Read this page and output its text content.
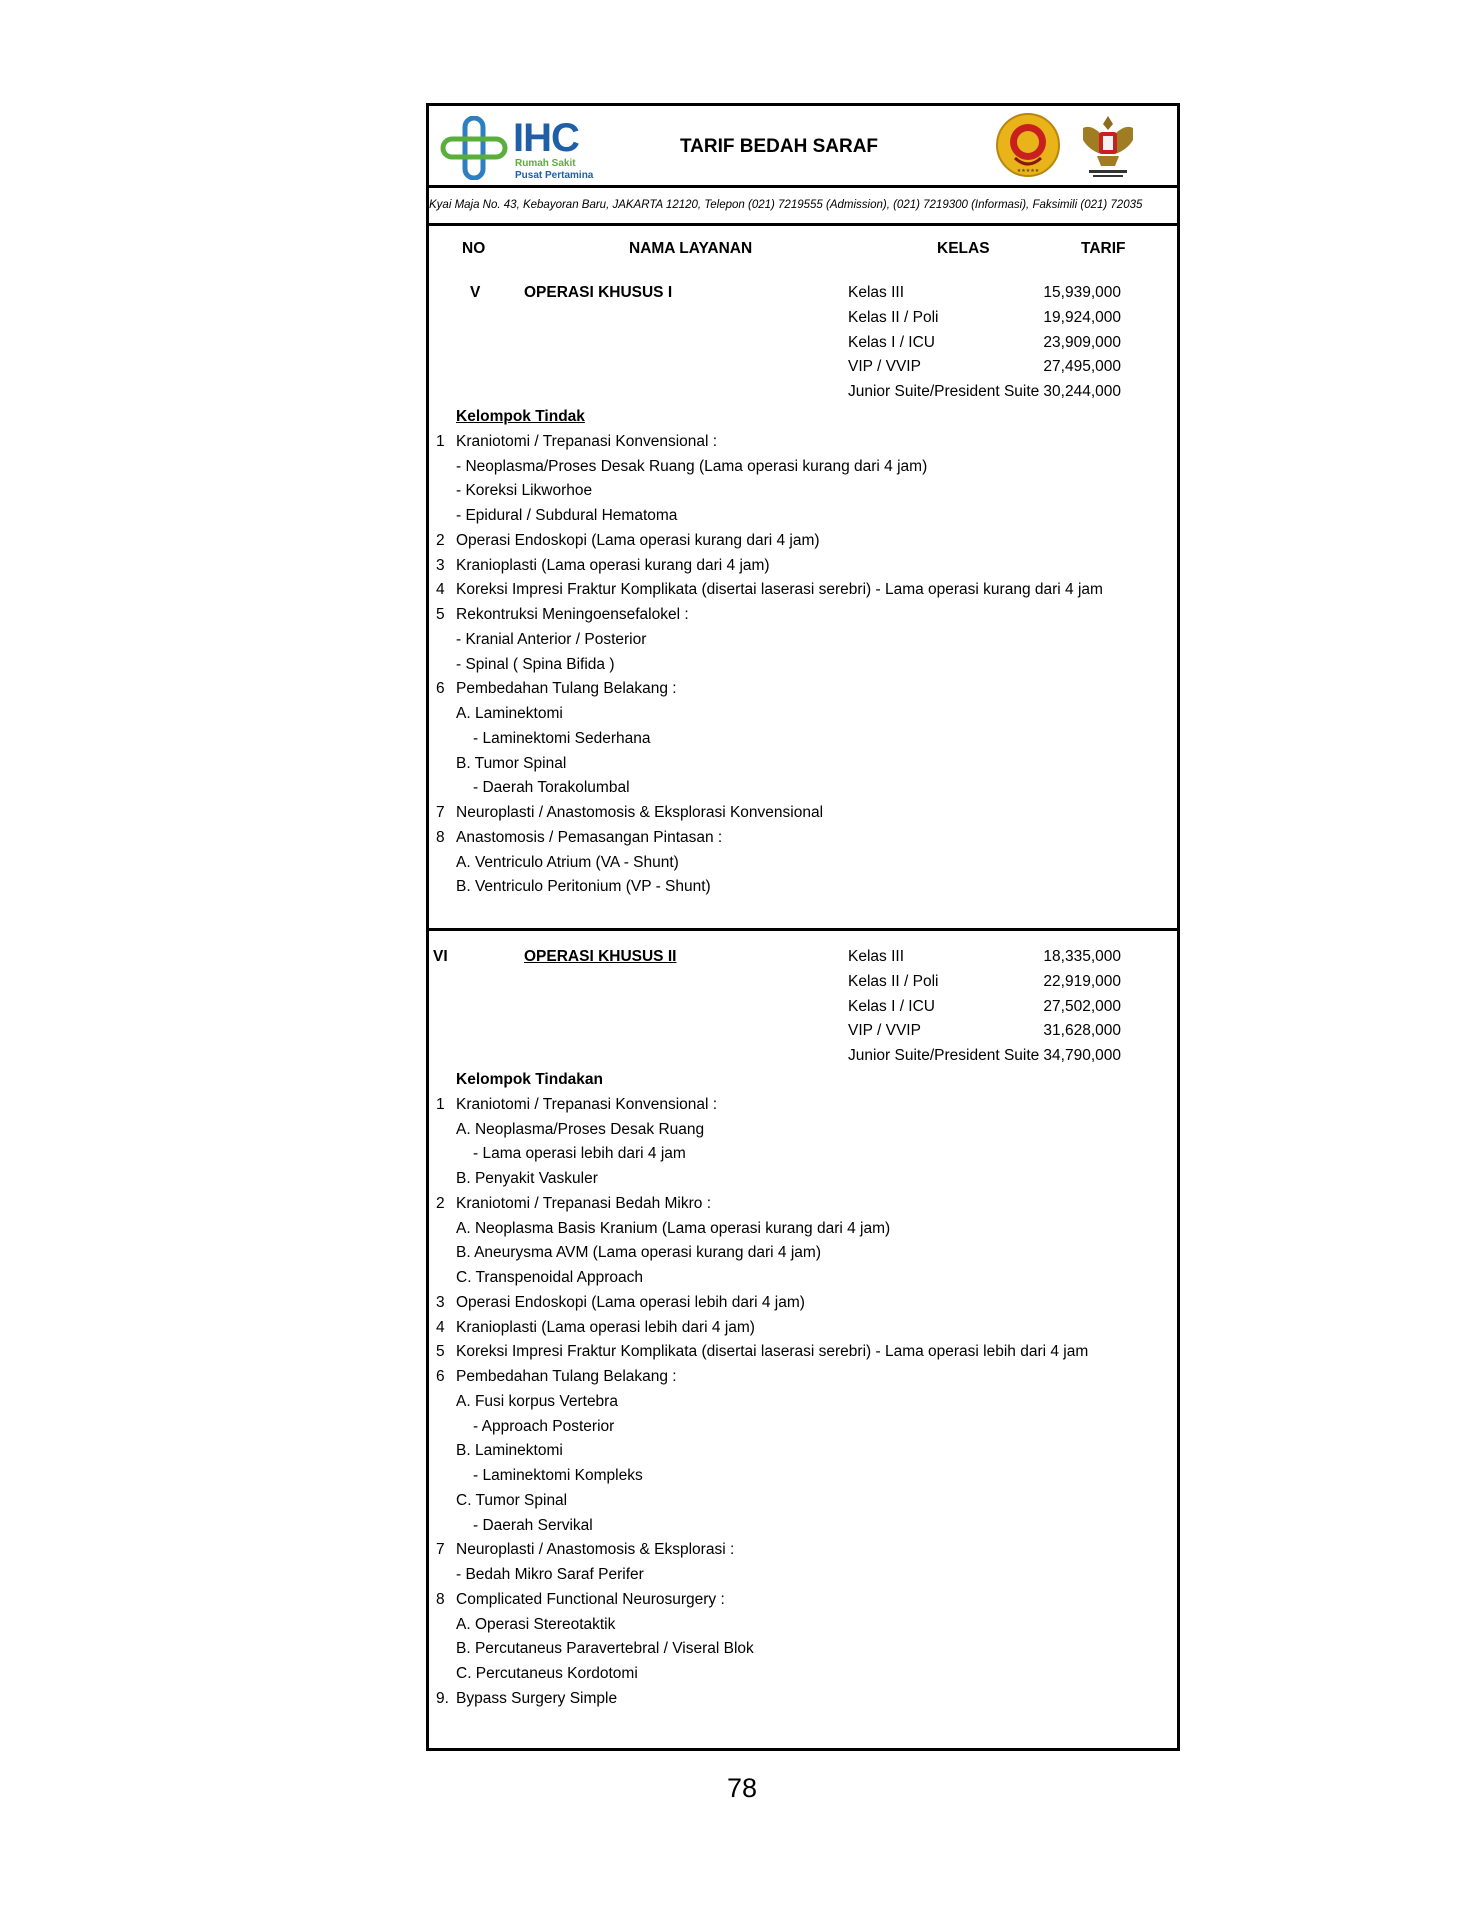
IHC
Rumah Sakit
Pusat Pertamina
TARIF BEDAH SARAF
★★★★★
Kyai Maja No. 43, Kebayoran Baru, JAKARTA 12120, Telepon (021) 7219555 (Admission), (021) 7219300 (Informasi), Faksimili (021) 72035
NO	NAMA LAYANAN	KELAS	TARIF
V	OPERASI KHUSUS I	Kelas III	15,939,000
Kelas II / Poli	19,924,000
Kelas I / ICU	23,909,000
VIP / VVIP	27,495,000
Junior Suite/President Suite 30,244,000
Kelompok Tindak
1 Kraniotomi / Trepanasi Konvensional :
- Neoplasma/Proses Desak Ruang (Lama operasi kurang dari 4 jam)
- Koreksi Likworhoe
- Epidural / Subdural Hematoma
2 Operasi Endoskopi (Lama operasi kurang dari 4 jam)
3 Kranioplasti (Lama operasi kurang dari 4 jam)
4 Koreksi Impresi Fraktur Komplikata (disertai laserasi serebri) - Lama operasi kurang dari 4 jam
5 Rekontruksi Meningoensefalokel :
- Kranial Anterior / Posterior
- Spinal ( Spina Bifida )
6 Pembedahan Tulang Belakang :
A. Laminektomi
- Laminektomi Sederhana
B. Tumor Spinal
- Daerah Torakolumbal
7 Neuroplasti / Anastomosis & Eksplorasi Konvensional
8 Anastomosis / Pemasangan Pintasan :
A. Ventriculo Atrium (VA - Shunt)
B. Ventriculo Peritonium (VP - Shunt)
VI	OPERASI KHUSUS II	Kelas III	18,335,000
Kelas II / Poli	22,919,000
Kelas I / ICU	27,502,000
VIP / VVIP	31,628,000
Junior Suite/President Suite 34,790,000
Kelompok Tindakan
1 Kraniotomi / Trepanasi Konvensional :
A. Neoplasma/Proses Desak Ruang
- Lama operasi lebih dari 4 jam
B. Penyakit Vaskuler
2 Kraniotomi / Trepanasi Bedah Mikro :
A. Neoplasma Basis Kranium (Lama operasi kurang dari 4 jam)
B. Aneurysma AVM (Lama operasi kurang dari 4 jam)
C. Transpenoidal Approach
3 Operasi Endoskopi (Lama operasi lebih dari 4 jam)
4 Kranioplasti (Lama operasi lebih dari 4 jam)
5 Koreksi Impresi Fraktur Komplikata (disertai laserasi serebri) - Lama operasi lebih dari 4 jam
6 Pembedahan Tulang Belakang :
A. Fusi korpus Vertebra
- Approach Posterior
B. Laminektomi
- Laminektomi Kompleks
C. Tumor Spinal
- Daerah Servikal
7 Neuroplasti / Anastomosis & Eksplorasi :
- Bedah Mikro Saraf Perifer
8 Complicated Functional Neurosurgery :
A. Operasi Stereotaktik
B. Percutaneus Paravertebral / Viseral Blok
C. Percutaneus Kordotomi
9. Bypass Surgery Simple
78
